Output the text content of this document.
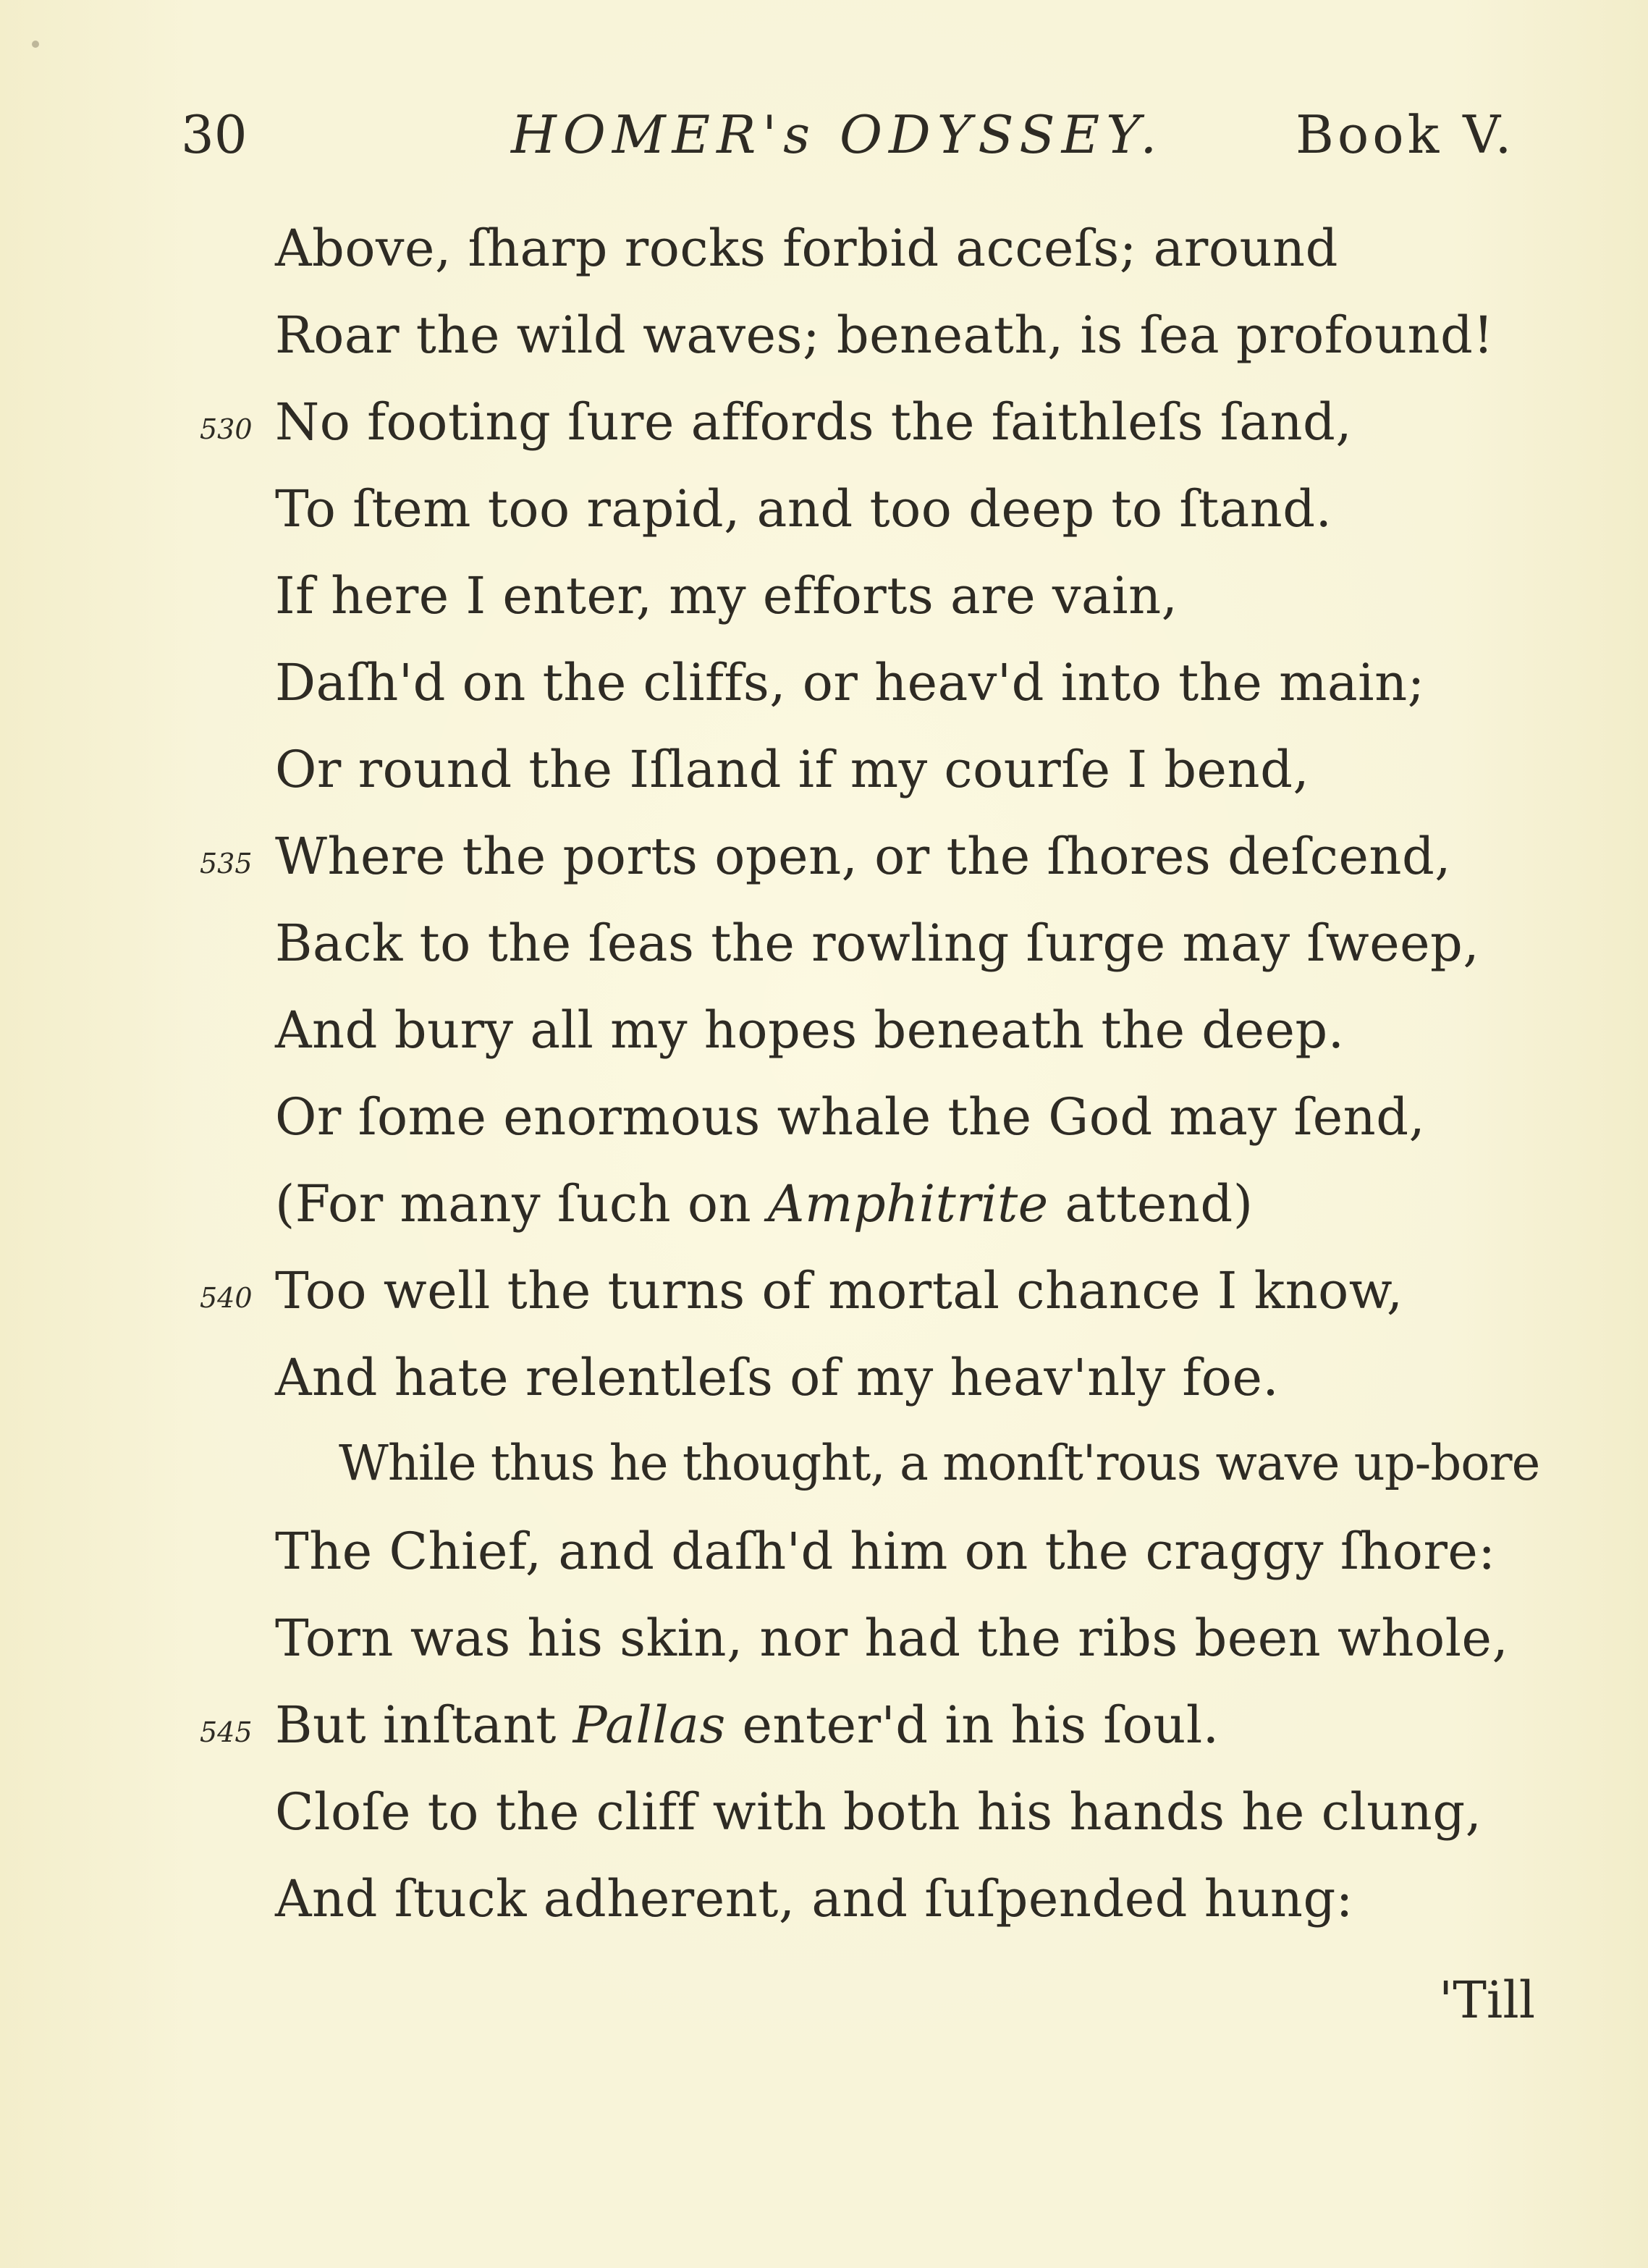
30	HOMER's ODYSSEY.	Book V.
Above, ſharp rocks forbid acceſs; around
Roar the wild waves; beneath, is ſea profound!
530 No footing ſure affords the faithleſs ſand,
To ſtem too rapid, and too deep to ſtand.
If here I enter, my efforts are vain,
Daſh'd on the cliffs, or heav'd into the main;
Or round the Iſland if my courſe I bend,
535 Where the ports open, or the ſhores deſcend,
Back to the ſeas the rowling ſurge may ſweep,
And bury all my hopes beneath the deep.
Or ſome enormous whale the God may ſend,
(For many ſuch on Amphitrite attend)
540 Too well the turns of mortal chance I know,
And hate relentleſs of my heav'nly foe.
While thus he thought, a monſt'rous wave up-bore
The Chief, and daſh'd him on the craggy ſhore:
Torn was his skin, nor had the ribs been whole,
545 But inſtant Pallas enter'd in his ſoul.
Cloſe to the cliff with both his hands he clung,
And ſtuck adherent, and ſuſpended hung:
'Till
